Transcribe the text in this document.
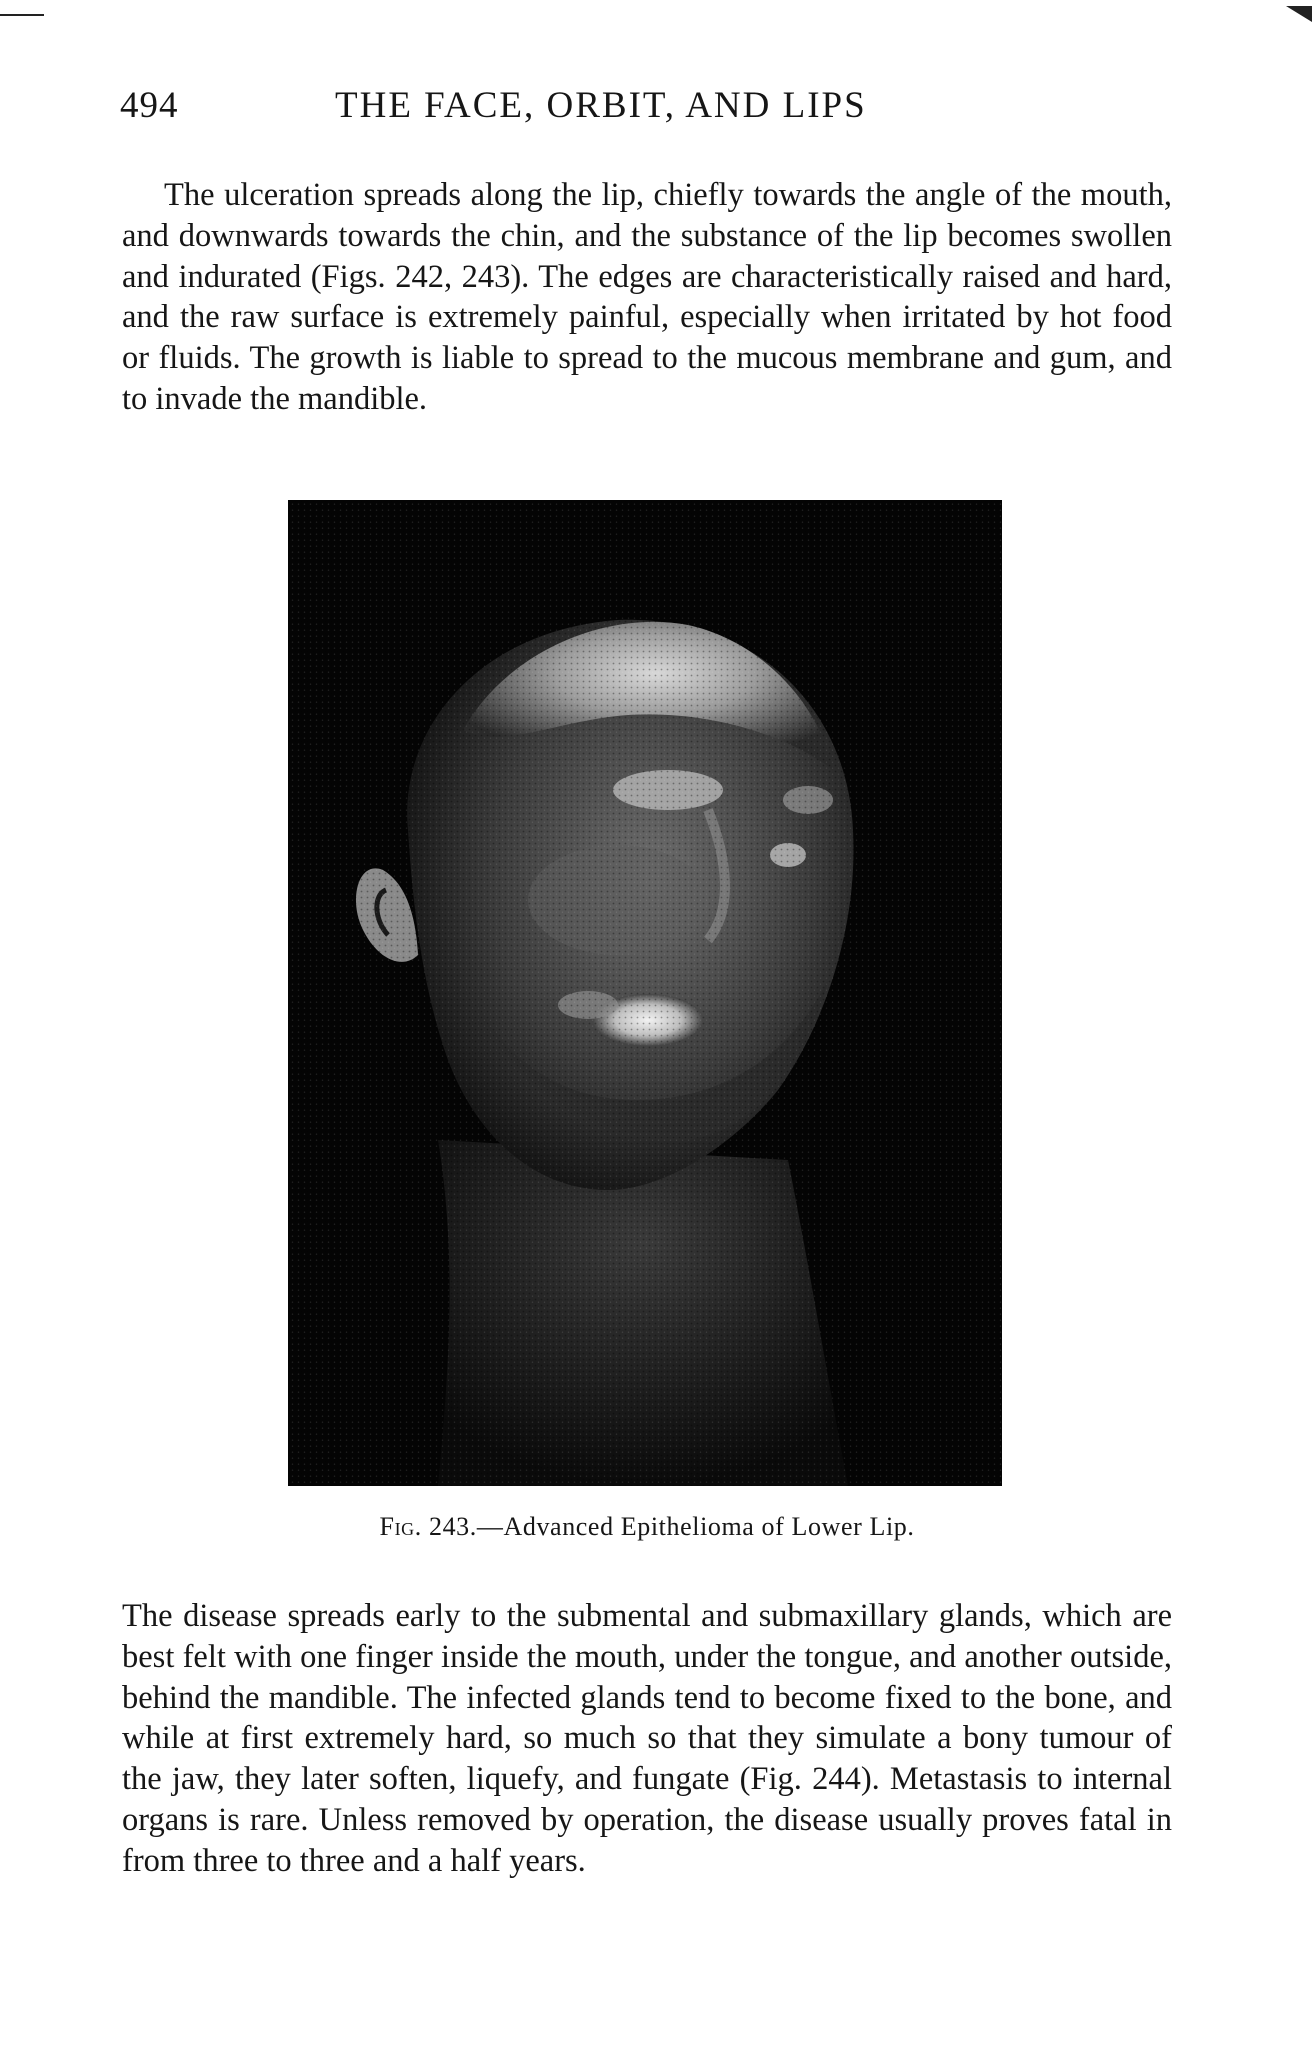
494	THE FACE, ORBIT, AND LIPS

The ulceration spreads along the lip, chiefly towards the angle of the mouth, and downwards towards the chin, and the substance of the lip becomes swollen and indurated (Figs. 242, 243). The edges are characteristically raised and hard, and the raw surface is extremely painful, especially when irritated by hot food or fluids. The growth is liable to spread to the mucous membrane and gum, and to invade the mandible.

Fig. 243.—Advanced Epithelioma of Lower Lip.

The disease spreads early to the submental and submaxillary glands, which are best felt with one finger inside the mouth, under the tongue, and another outside, behind the mandible. The infected glands tend to become fixed to the bone, and while at first extremely hard, so much so that they simulate a bony tumour of the jaw, they later soften, liquefy, and fungate (Fig. 244). Metastasis to internal organs is rare. Unless removed by operation, the disease usually proves fatal in from three to three and a half years.
